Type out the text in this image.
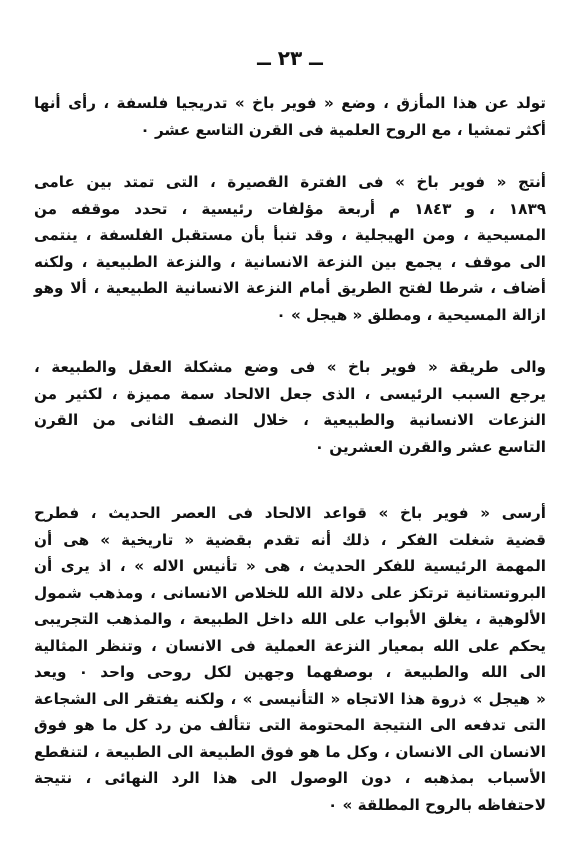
ــ ٢٣ ــ
تولد عن هذا المأزق ، وضع « فوير باخ » تدريجيا فلسفة ، رأى أنها
أكثر تمشيا ، مع الروح العلمية فى القرن التاسع عشر ٠
أنتج « فوير باخ » فى الفترة القصيرة ، التى تمتد بين عامى
١٨٣٩ ، و ١٨٤٣ م أربعة مؤلفات رئيسية ، تحدد موقفه من
المسيحية ، ومن الهيجلية ، وقد تنبأ بأن مستقبل الفلسفة ، ينتمى
الى موقف ، يجمع بين النزعة الانسانية ، والنزعة الطبيعية ، ولكنه
أضاف ، شرطا لفتح الطريق أمام النزعة الانسانية الطبيعية ، ألا وهو
ازالة المسيحية ، ومطلق « هيجل » ٠
والى طريقة « فوير باخ » فى وضع مشكلة العقل والطبيعة ،
يرجع السبب الرئيسى ، الذى جعل الالحاد سمة مميزة ، لكثير من
النزعات الانسانية والطبيعية ، خلال النصف الثانى من القرن
التاسع عشر والقرن العشرين ٠
أرسى « فوير باخ » قواعد الالحاد فى العصر الحديث ، فطرح
قضية شغلت الفكر ، ذلك أنه تقدم بقضية « تاريخية » هى أن
المهمة الرئيسية للفكر الحديث ، هى « تأنيس الاله » ، اذ يرى أن
البروتستانية ترتكز على دلالة الله للخلاص الانسانى ، ومذهب شمول
الألوهية ، يغلق الأبواب على الله داخل الطبيعة ، والمذهب التجريبى
يحكم على الله بمعيار النزعة العملية فى الانسان ، وتنظر المثالية
الى الله والطبيعة ، بوصفهما وجهين لكل روحى واحد ٠ ويعد
« هيجل » ذروة هذا الاتجاه « التأنيسى » ، ولكنه يفتقر الى الشجاعة
التى تدفعه الى النتيجة المحتومة التى تتألف من رد كل ما هو فوق
الانسان الى الانسان ، وكل ما هو فوق الطبيعة الى الطبيعة ، لتنقطع
الأسباب بمذهبه ، دون الوصول الى هذا الرد النهائى ، نتيجة
لاحتفاظه بالروح المطلقة » ٠
